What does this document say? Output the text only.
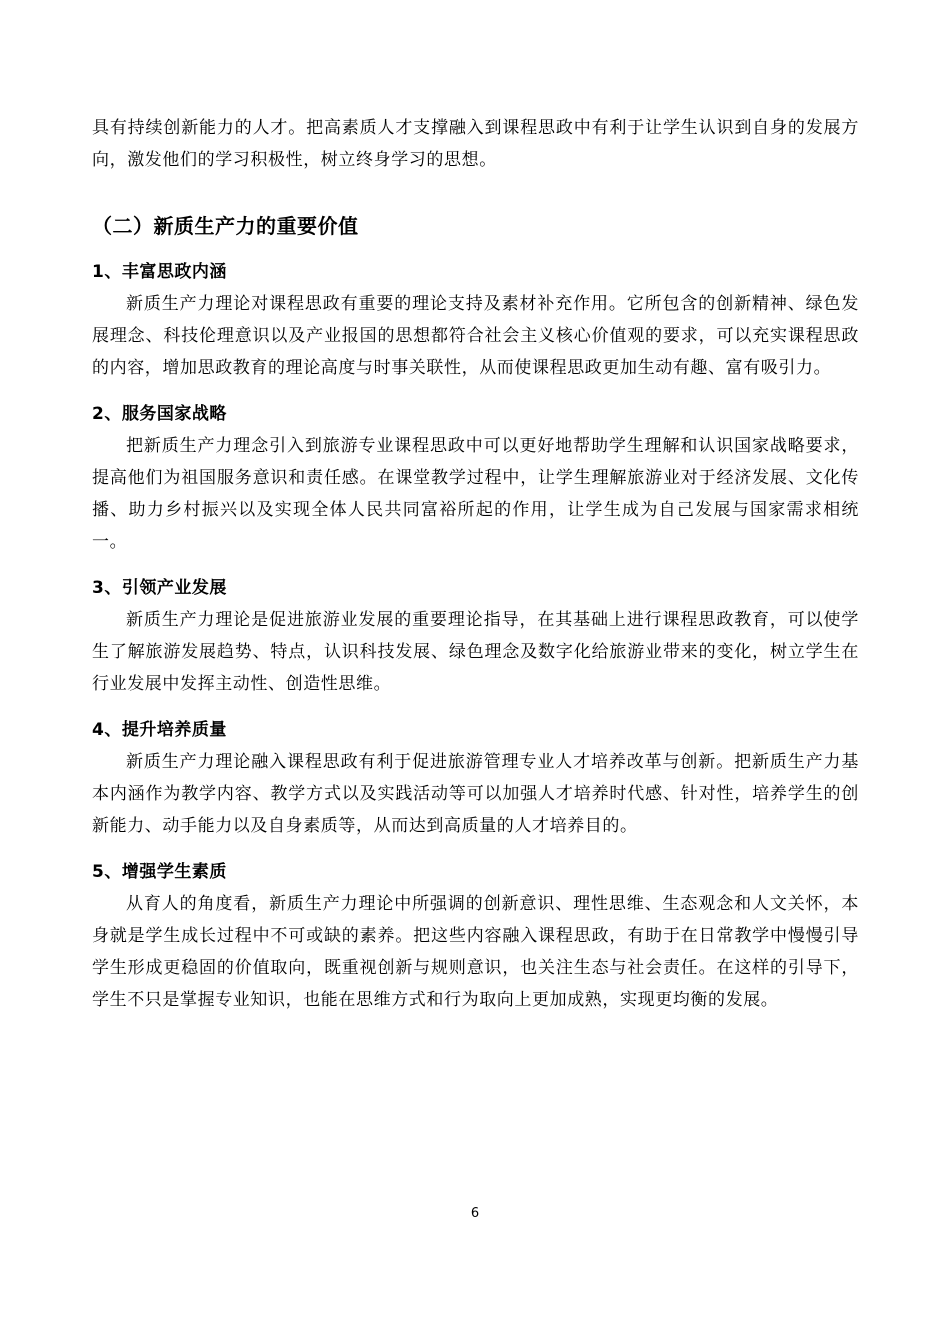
具有持续创新能力的人才。把高素质人才支撑融入到课程思政中有利于让学生认识到自身的发展方向，激发他们的学习积极性，树立终身学习的思想。

（二）新质生产力的重要价值
1、丰富思政内涵

新质生产力理论对课程思政有重要的理论支持及素材补充作用。它所包含的创新精神、绿色发展理念、科技伦理意识以及产业报国的思想都符合社会主义核心价值观的要求，可以充实课程思政的内容，增加思政教育的理论高度与时事关联性，从而使课程思政更加生动有趣、富有吸引力。

2、服务国家战略

把新质生产力理念引入到旅游专业课程思政中可以更好地帮助学生理解和认识国家战略要求，提高他们为祖国服务意识和责任感。在课堂教学过程中，让学生理解旅游业对于经济发展、文化传播、助力乡村振兴以及实现全体人民共同富裕所起的作用，让学生成为自己发展与国家需求相统一。

3、引领产业发展

新质生产力理论是促进旅游业发展的重要理论指导，在其基础上进行课程思政教育，可以使学生了解旅游发展趋势、特点，认识科技发展、绿色理念及数字化给旅游业带来的变化，树立学生在行业发展中发挥主动性、创造性思维。

4、提升培养质量

新质生产力理论融入课程思政有利于促进旅游管理专业人才培养改革与创新。把新质生产力基本内涵作为教学内容、教学方式以及实践活动等可以加强人才培养时代感、针对性，培养学生的创新能力、动手能力以及自身素质等，从而达到高质量的人才培养目的。

5、增强学生素质

从育人的角度看，新质生产力理论中所强调的创新意识、理性思维、生态观念和人文关怀，本身就是学生成长过程中不可或缺的素养。把这些内容融入课程思政，有助于在日常教学中慢慢引导学生形成更稳固的价值取向，既重视创新与规则意识，也关注生态与社会责任。在这样的引导下，学生不只是掌握专业知识，也能在思维方式和行为取向上更加成熟，实现更均衡的发展。

6
